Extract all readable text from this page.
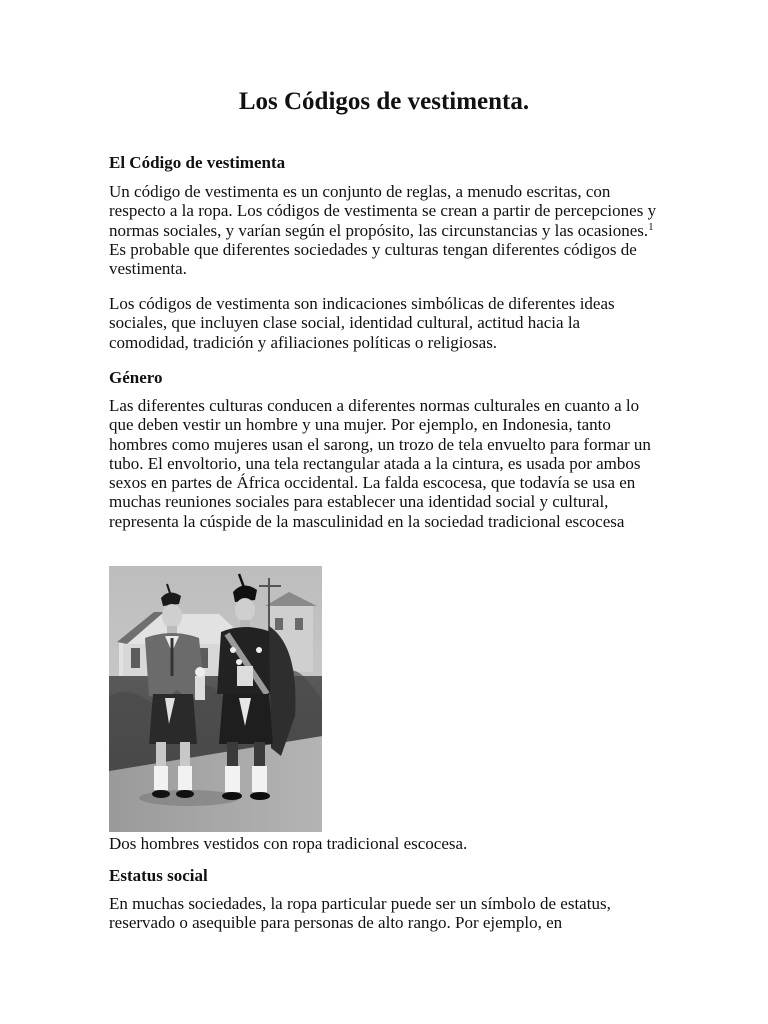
Los Códigos de vestimenta.
El Código de vestimenta

Un código de vestimenta es un conjunto de reglas, a menudo escritas, con respecto a la ropa. Los códigos de vestimenta se crean a partir de percepciones y normas sociales, y varían según el propósito, las circunstancias y las ocasiones.$^1$ Es probable que diferentes sociedades y culturas tengan diferentes códigos de vestimenta.

Los códigos de vestimenta son indicaciones simbólicas de diferentes ideas sociales, que incluyen clase social, identidad cultural, actitud hacia la comodidad, tradición y afiliaciones políticas o religiosas.

Género

Las diferentes culturas conducen a diferentes normas culturales en cuanto a lo que deben vestir un hombre y una mujer. Por ejemplo, en Indonesia, tanto hombres como mujeres usan el sarong, un trozo de tela envuelto para formar un tubo. El envoltorio, una tela rectangular atada a la cintura, es usada por ambos sexos en partes de África occidental. La falda escocesa, que todavía se usa en muchas reuniones sociales para establecer una identidad social y cultural, representa la cúspide de la masculinidad en la sociedad tradicional escocesa

Dos hombres vestidos con ropa tradicional escocesa.

Estatus social

En muchas sociedades, la ropa particular puede ser un símbolo de estatus, reservado o asequible para personas de alto rango. Por ejemplo, en
